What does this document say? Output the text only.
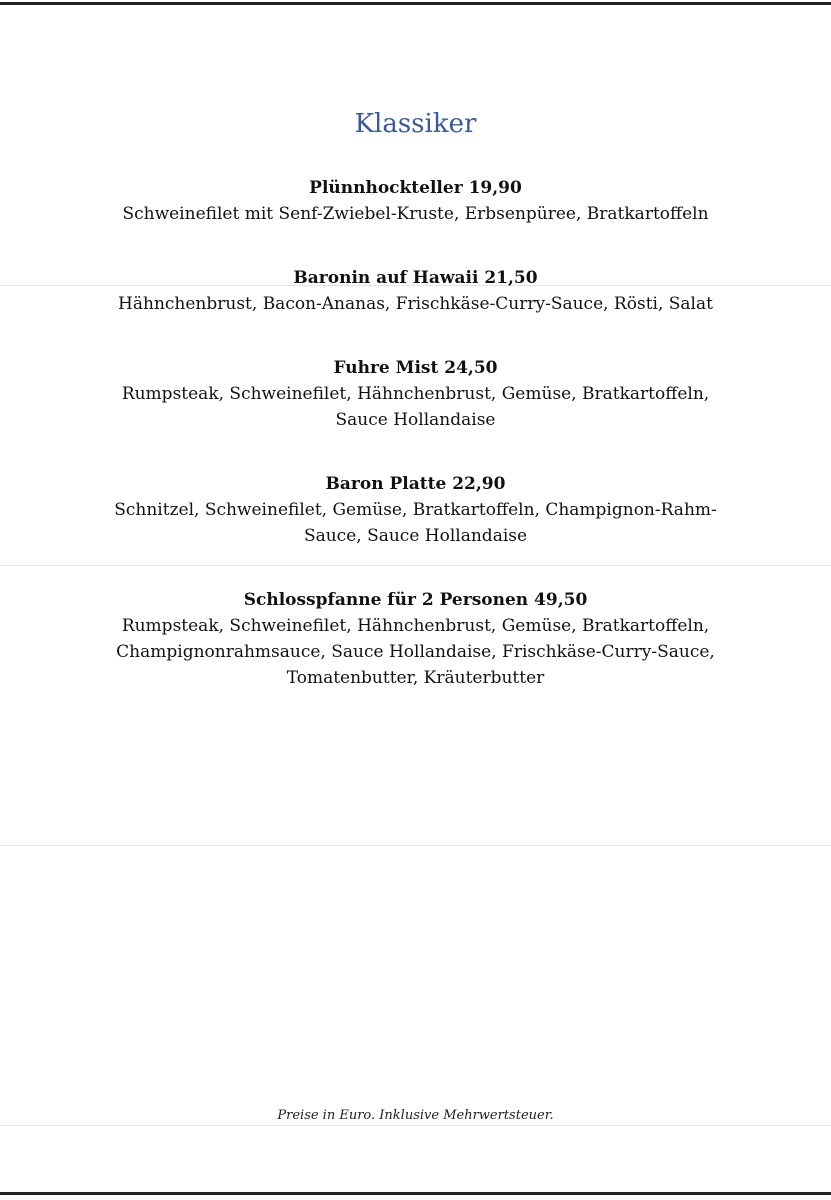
Klassiker
Plünnhockteller 19,90
Schweinefilet mit Senf-Zwiebel-Kruste, Erbsenpüree, Bratkartoffeln
Baronin auf Hawaii 21,50
Hähnchenbrust, Bacon-Ananas, Frischkäse-Curry-Sauce, Rösti, Salat
Fuhre Mist 24,50
Rumpsteak, Schweinefilet, Hähnchenbrust, Gemüse, Bratkartoffeln,
Sauce Hollandaise
Baron Platte 22,90
Schnitzel, Schweinefilet, Gemüse, Bratkartoffeln, Champignon-Rahm-
Sauce, Sauce Hollandaise
Schlosspfanne für 2 Personen 49,50
Rumpsteak, Schweinefilet, Hähnchenbrust, Gemüse, Bratkartoffeln,
Champignonrahmsauce, Sauce Hollandaise, Frischkäse-Curry-Sauce,
Tomatenbutter, Kräuterbutter
Preise in Euro. Inklusive Mehrwertsteuer.
